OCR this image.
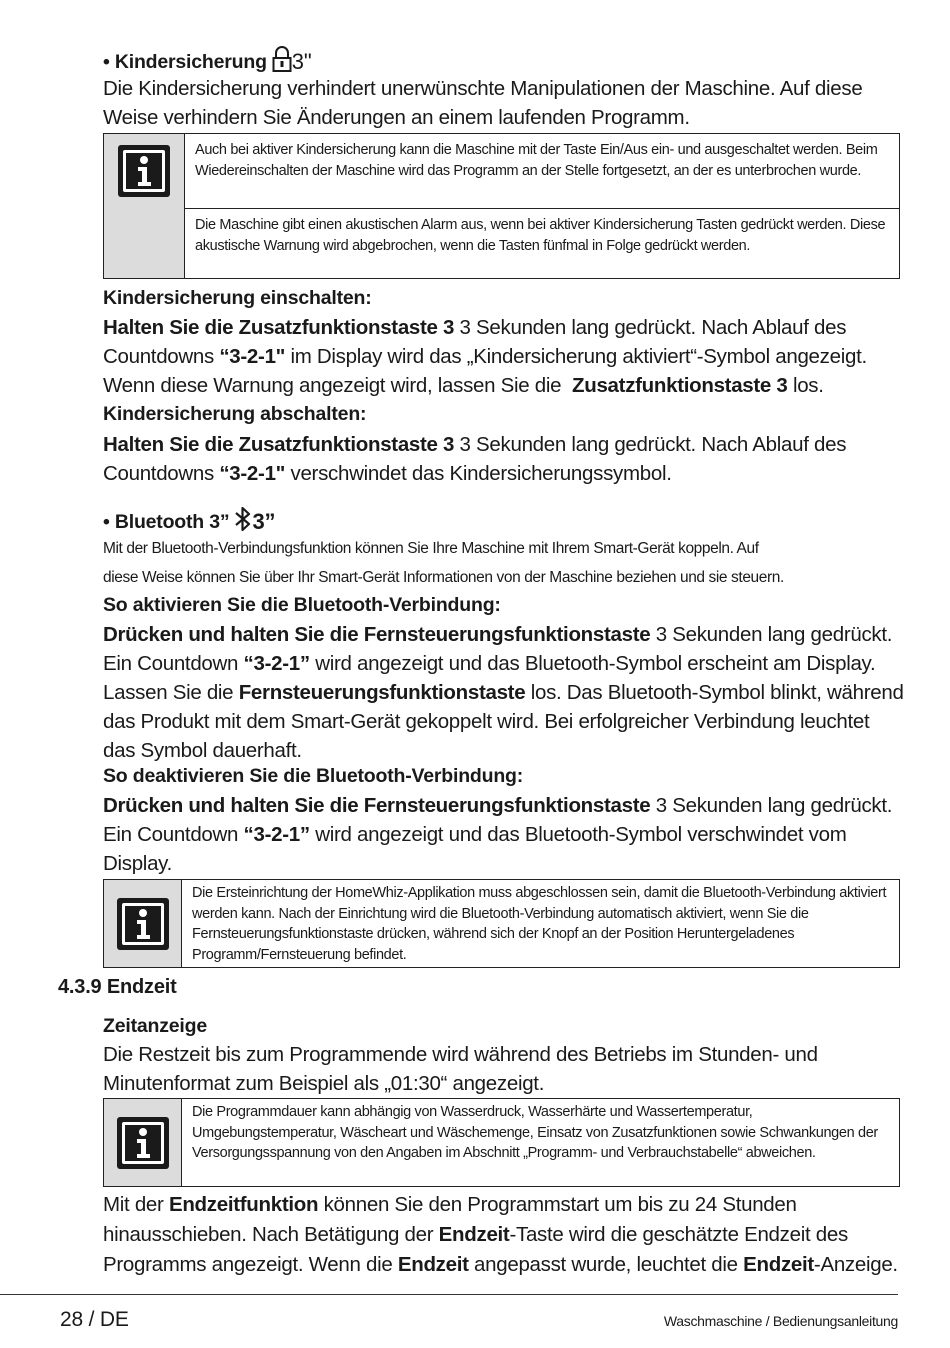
• Kindersicherung 3"
Die Kindersicherung verhindert unerwünschte Manipulationen der Maschine. Auf diese
Weise verhindern Sie Änderungen an einem laufenden Programm.
Auch bei aktiver Kindersicherung kann die Maschine mit der Taste Ein/Aus ein- und ausgeschaltet werden. Beim Wiedereinschalten der Maschine wird das Programm an der Stelle fortgesetzt, an der es unterbrochen wurde.
Die Maschine gibt einen akustischen Alarm aus, wenn bei aktiver Kindersicherung Tasten gedrückt werden. Diese akustische Warnung wird abgebrochen, wenn die Tasten fünfmal in Folge gedrückt werden.
Kindersicherung einschalten:
Halten Sie die Zusatzfunktionstaste 3 3 Sekunden lang gedrückt. Nach Ablauf des
Countdowns “3-2-1" im Display wird das „Kindersicherung aktiviert“-Symbol angezeigt.
Wenn diese Warnung angezeigt wird, lassen Sie die  Zusatzfunktionstaste 3 los.
Kindersicherung abschalten:
Halten Sie die Zusatzfunktionstaste 3 3 Sekunden lang gedrückt. Nach Ablauf des
Countdowns “3-2-1" verschwindet das Kindersicherungssymbol.
• Bluetooth 3” 3”
Mit der Bluetooth-Verbindungsfunktion können Sie Ihre Maschine mit Ihrem Smart-Gerät koppeln. Auf
diese Weise können Sie über Ihr Smart-Gerät Informationen von der Maschine beziehen und sie steuern.
So aktivieren Sie die Bluetooth-Verbindung:
Drücken und halten Sie die Fernsteuerungsfunktionstaste 3 Sekunden lang gedrückt.
Ein Countdown “3-2-1” wird angezeigt und das Bluetooth-Symbol erscheint am Display.
Lassen Sie die Fernsteuerungsfunktionstaste los. Das Bluetooth-Symbol blinkt, während
das Produkt mit dem Smart-Gerät gekoppelt wird. Bei erfolgreicher Verbindung leuchtet
das Symbol dauerhaft.
So deaktivieren Sie die Bluetooth-Verbindung:
Drücken und halten Sie die Fernsteuerungsfunktionstaste 3 Sekunden lang gedrückt.
Ein Countdown “3-2-1” wird angezeigt und das Bluetooth-Symbol verschwindet vom
Display.
Die Ersteinrichtung der HomeWhiz-Applikation muss abgeschlossen sein, damit die Bluetooth-Verbindung aktiviert werden kann. Nach der Einrichtung wird die Bluetooth-Verbindung automatisch aktiviert, wenn Sie die Fernsteuerungsfunktionstaste drücken, während sich der Knopf an der Position Heruntergeladenes Programm/Fernsteuerung befindet.
4.3.9 Endzeit
Zeitanzeige
Die Restzeit bis zum Programmende wird während des Betriebs im Stunden- und
Minutenformat zum Beispiel als „01:30“ angezeigt.
Die Programmdauer kann abhängig von Wasserdruck, Wasserhärte und Wassertemperatur, Umgebungstemperatur, Wäscheart und Wäschemenge, Einsatz von Zusatzfunktionen sowie Schwankungen der Versorgungsspannung von den Angaben im Abschnitt „Programm- und Verbrauchstabelle“ abweichen.
Mit der Endzeitfunktion können Sie den Programmstart um bis zu 24 Stunden
hinausschieben. Nach Betätigung der Endzeit-Taste wird die geschätzte Endzeit des
Programms angezeigt. Wenn die Endzeit angepasst wurde, leuchtet die Endzeit-Anzeige.
28 / DE	Waschmaschine / Bedienungsanleitung
